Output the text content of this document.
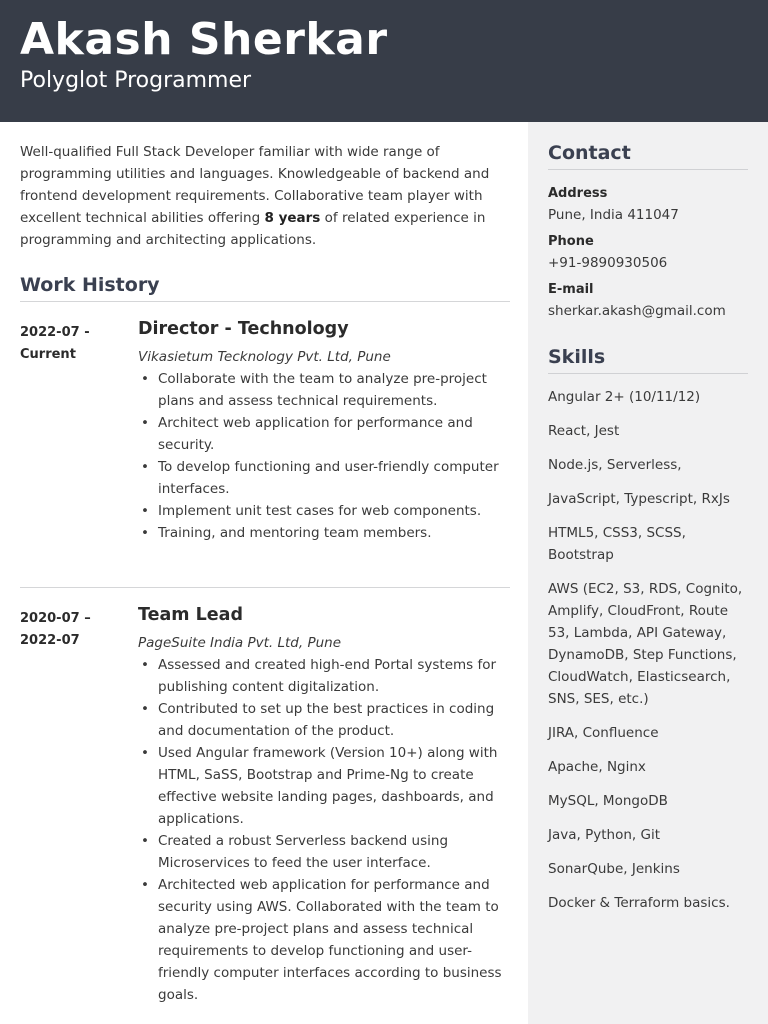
Akash Sherkar
Polyglot Programmer
Contact
Address
Pune, India 411047
Phone
+91-9890930506
E-mail
sherkar.akash@gmail.com
Skills
Angular 2+ (10/11/12)
React, Jest
Node.js, Serverless,
JavaScript, Typescript, RxJs
HTML5, CSS3, SCSS, Bootstrap
AWS (EC2, S3, RDS, Cognito, Amplify, CloudFront, Route 53, Lambda, API Gateway, DynamoDB, Step Functions, CloudWatch, Elasticsearch, SNS, SES, etc.)
JIRA, Confluence
Apache, Nginx
MySQL, MongoDB
Java, Python, Git
SonarQube, Jenkins
Docker & Terraform basics.

Well-qualified Full Stack Developer familiar with wide range of programming utilities and languages. Knowledgeable of backend and frontend development requirements. Collaborative team player with excellent technical abilities offering 8 years of related experience in programming and architecting applications.

Work History
2022-07 -
Current
Director - Technology
Vikasietum Tecknology Pvt. Ltd, Pune
• Collaborate with the team to analyze pre-project plans and assess technical requirements.
• Architect web application for performance and security.
• To develop functioning and user-friendly computer interfaces.
• Implement unit test cases for web components.
• Training, and mentoring team members.
2020-07 –
2022-07
Team Lead
PageSuite India Pvt. Ltd, Pune
• Assessed and created high-end Portal systems for publishing content digitalization.
• Contributed to set up the best practices in coding and documentation of the product.
• Used Angular framework (Version 10+) along with HTML, SaSS, Bootstrap and Prime-Ng to create effective website landing pages, dashboards, and applications.
• Created a robust Serverless backend using Microservices to feed the user interface.
• Architected web application for performance and security using AWS. Collaborated with the team to analyze pre-project plans and assess technical requirements to develop functioning and user-friendly computer interfaces according to business goals.
